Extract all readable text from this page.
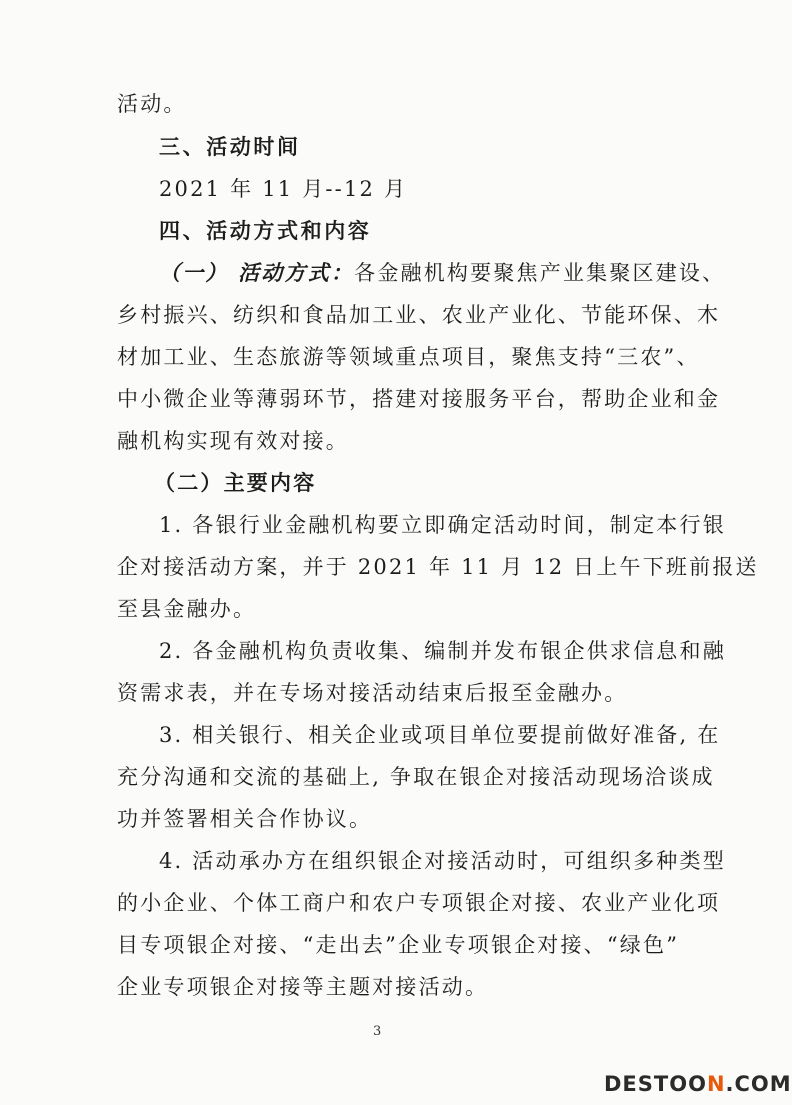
活动。

三、活动时间

2021 年 11 月--12 月

四、活动方式和内容

（一） 活动方式：各金融机构要聚焦产业集聚区建设、

乡村振兴、纺织和食品加工业、农业产业化、节能环保、木

材加工业、生态旅游等领域重点项目，聚焦支持“三农”、

中小微企业等薄弱环节，搭建对接服务平台，帮助企业和金

融机构实现有效对接。

（二）主要内容

1. 各银行业金融机构要立即确定活动时间，制定本行银

企对接活动方案，并于 2021 年 11 月 12 日上午下班前报送

至县金融办。

2. 各金融机构负责收集、编制并发布银企供求信息和融

资需求表，并在专场对接活动结束后报至金融办。

3. 相关银行、相关企业或项目单位要提前做好准备, 在

充分沟通和交流的基础上, 争取在银企对接活动现场洽谈成

功并签署相关合作协议。

4. 活动承办方在组织银企对接活动时，可组织多种类型

的小企业、个体工商户和农户专项银企对接、农业产业化项

目专项银企对接、“走出去”企业专项银企对接、“绿色”

企业专项银企对接等主题对接活动。

3
DESTOON.COM
